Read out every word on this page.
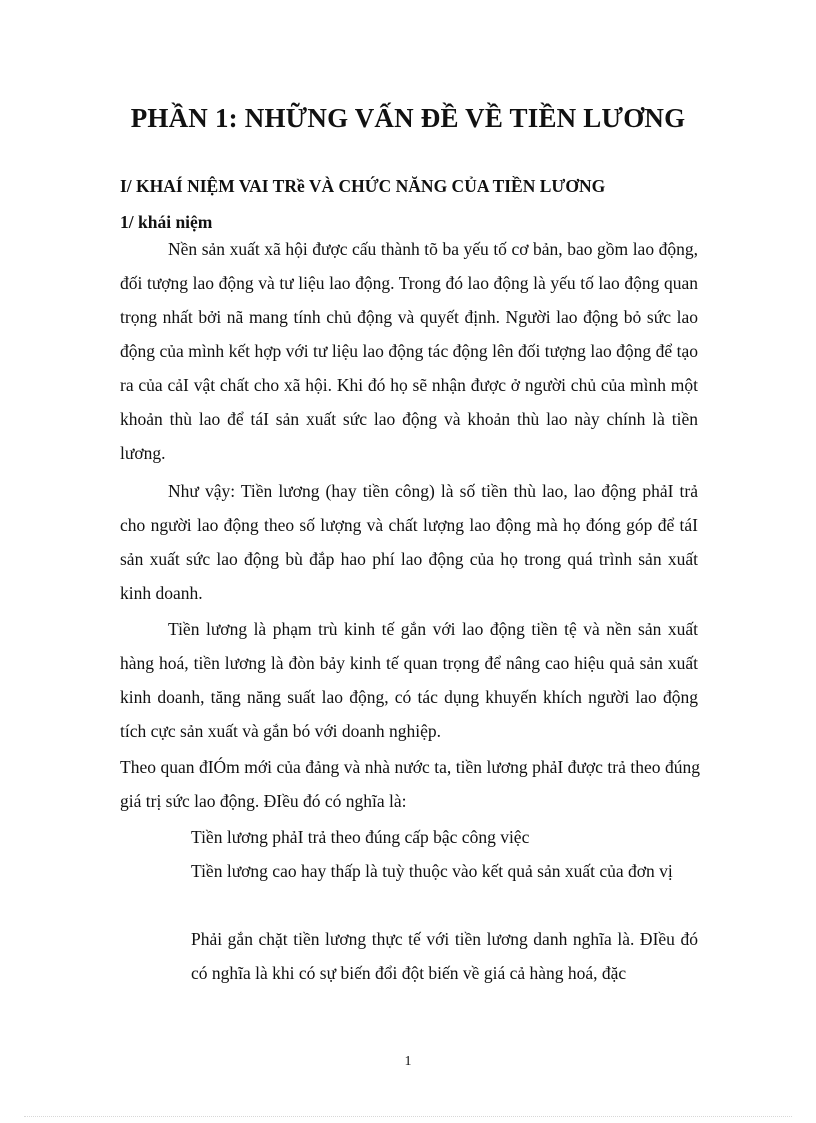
PHẦN 1: NHỮNG VẤN ĐỀ VỀ TIỀN LƯƠNG
I/ KHAÍ NIỆM VAI TRề VÀ CHỨC NĂNG CỦA TIỀN LƯƠNG
1/ khái niệm

Nền sản xuất xã hội được cấu thành tõ ba yếu tố cơ bản, bao gồm lao động, đối tượng lao động và tư liệu lao động. Trong đó lao động là yếu tố lao động quan trọng nhất bởi nã mang tính chủ động và quyết định. Người lao động bỏ sức lao động của mình kết hợp với tư liệu lao động tác động lên đối tượng lao động để tạo ra của cảI vật chất cho xã hội. Khi đó họ sẽ nhận được ở người chủ của mình một khoản thù lao để táI sản xuất sức lao động và khoản thù lao này chính là tiền lương.

Như vậy: Tiền lương (hay tiền công) là số tiền thù lao, lao động phảI trả cho người lao động theo số lượng và chất lượng lao động mà họ đóng góp để táI sản xuất sức lao động bù đắp hao phí lao động của họ trong quá trình sản xuất kinh doanh.

Tiền lương là phạm trù kinh tế gắn với lao động tiền tệ và nền sản xuất hàng hoá, tiền lương là đòn bảy kinh tế quan trọng để nâng cao hiệu quả sản xuất kinh doanh, tăng năng suất lao động, có tác dụng khuyến khích người lao động tích cực sản xuất và gắn bó với doanh nghiệp.

Theo quan đIÓm mới của đảng và nhà nước ta, tiền lương phảI được trả theo đúng giá trị sức lao động. ĐIều đó có nghĩa là:

Tiền lương phảI trả theo đúng cấp bậc công việc

Tiền lương cao hay thấp là tuỳ thuộc vào kết quả sản xuất của đơn vị

Phải gắn chặt tiền lương thực tế với tiền lương danh nghĩa là. ĐIều đó có nghĩa là khi có sự biến đổi đột biến về giá cả hàng hoá, đặc

1
